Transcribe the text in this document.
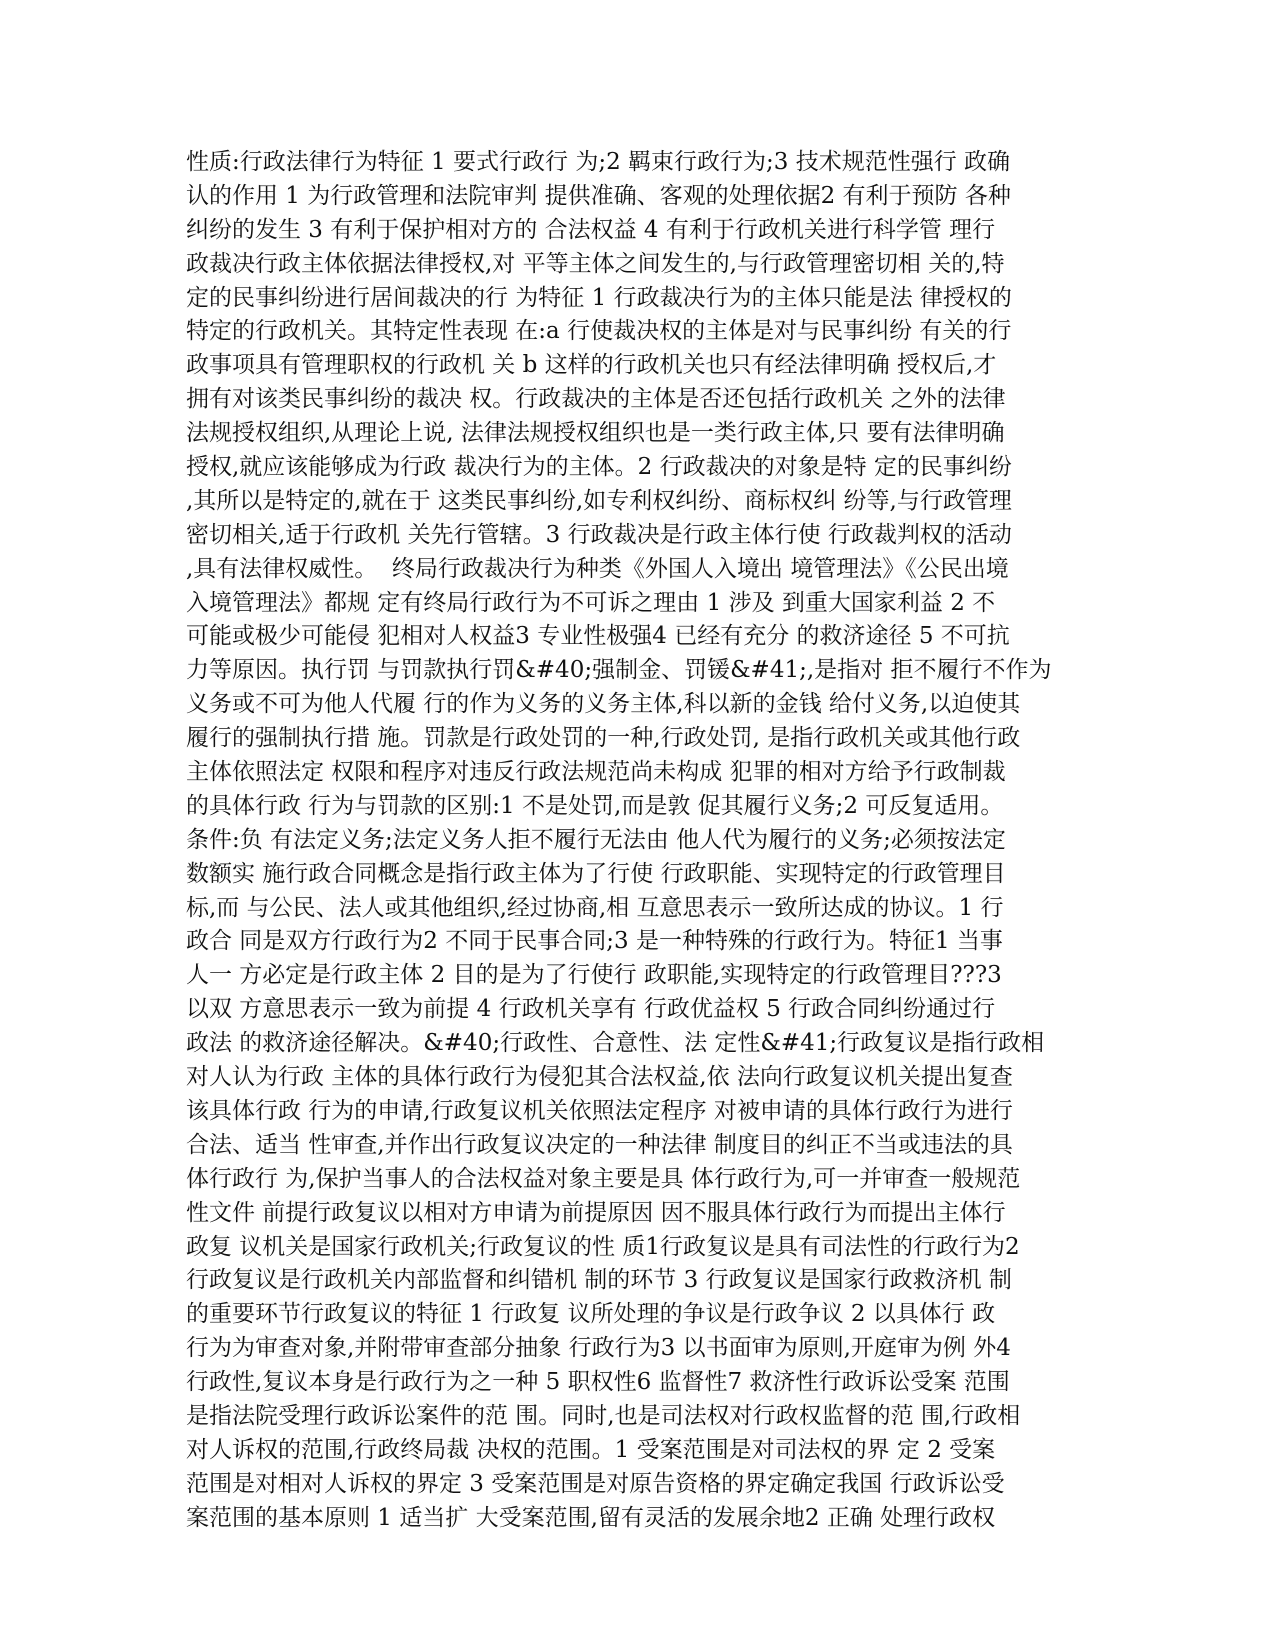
性质:行政法律行为特征 1 要式行政行 为;2 羁束行政行为;3 技术规范性强行 政确
认的作用 1 为行政管理和法院审判 提供准确、客观的处理依据2 有利于预防 各种
纠纷的发生 3 有利于保护相对方的 合法权益 4 有利于行政机关进行科学管 理行
政裁决行政主体依据法律授权,对 平等主体之间发生的,与行政管理密切相 关的,特
定的民事纠纷进行居间裁决的行 为特征 1 行政裁决行为的主体只能是法 律授权的
特定的行政机关。其特定性表现 在:a 行使裁决权的主体是对与民事纠纷 有关的行
政事项具有管理职权的行政机 关 b 这样的行政机关也只有经法律明确 授权后,才
拥有对该类民事纠纷的裁决 权。行政裁决的主体是否还包括行政机关 之外的法律
法规授权组织,从理论上说, 法律法规授权组织也是一类行政主体,只 要有法律明确
授权,就应该能够成为行政 裁决行为的主体。2 行政裁决的对象是特 定的民事纠纷
,其所以是特定的,就在于 这类民事纠纷,如专利权纠纷、商标权纠 纷等,与行政管理
密切相关,适于行政机 关先行管辖。3 行政裁决是行政主体行使 行政裁判权的活动
,具有法律权威性。  终局行政裁决行为种类《外国人入境出 境管理法》《公民出境
入境管理法》都规 定有终局行政行为不可诉之理由 1 涉及 到重大国家利益 2 不
可能或极少可能侵 犯相对人权益3 专业性极强4 已经有充分 的救济途径 5 不可抗
力等原因。执行罚 与罚款执行罚&#40;强制金、罚锾&#41;,是指对 拒不履行不作为
义务或不可为他人代履 行的作为义务的义务主体,科以新的金钱 给付义务,以迫使其
履行的强制执行措 施。罚款是行政处罚的一种,行政处罚, 是指行政机关或其他行政
主体依照法定 权限和程序对违反行政法规范尚未构成 犯罪的相对方给予行政制裁
的具体行政 行为与罚款的区别:1 不是处罚,而是敦 促其履行义务;2 可反复适用。
条件:负 有法定义务;法定义务人拒不履行无法由 他人代为履行的义务;必须按法定
数额实 施行政合同概念是指行政主体为了行使 行政职能、实现特定的行政管理目
标,而 与公民、法人或其他组织,经过协商,相 互意思表示一致所达成的协议。1 行
政合 同是双方行政行为2 不同于民事合同;3 是一种特殊的行政行为。特征1 当事
人一 方必定是行政主体 2 目的是为了行使行 政职能,实现特定的行政管理目???3
以双 方意思表示一致为前提 4 行政机关享有 行政优益权 5 行政合同纠纷通过行
政法 的救济途径解决。&#40;行政性、合意性、法 定性&#41;行政复议是指行政相
对人认为行政 主体的具体行政行为侵犯其合法权益,依 法向行政复议机关提出复查
该具体行政 行为的申请,行政复议机关依照法定程序 对被申请的具体行政行为进行
合法、适当 性审查,并作出行政复议决定的一种法律 制度目的纠正不当或违法的具
体行政行 为,保护当事人的合法权益对象主要是具 体行政行为,可一并审查一般规范
性文件 前提行政复议以相对方申请为前提原因 因不服具体行政行为而提出主体行
政复 议机关是国家行政机关;行政复议的性 质1行政复议是具有司法性的行政行为2
行政复议是行政机关内部监督和纠错机 制的环节 3 行政复议是国家行政救济机 制
的重要环节行政复议的特征 1 行政复 议所处理的争议是行政争议 2 以具体行 政
行为为审查对象,并附带审查部分抽象 行政行为3 以书面审为原则,开庭审为例 外4
行政性,复议本身是行政行为之一种 5 职权性6 监督性7 救济性行政诉讼受案 范围
是指法院受理行政诉讼案件的范 围。同时,也是司法权对行政权监督的范 围,行政相
对人诉权的范围,行政终局裁 决权的范围。1 受案范围是对司法权的界 定 2 受案
范围是对相对人诉权的界定 3 受案范围是对原告资格的界定确定我国 行政诉讼受
案范围的基本原则 1 适当扩 大受案范围,留有灵活的发展余地2 正确 处理行政权
